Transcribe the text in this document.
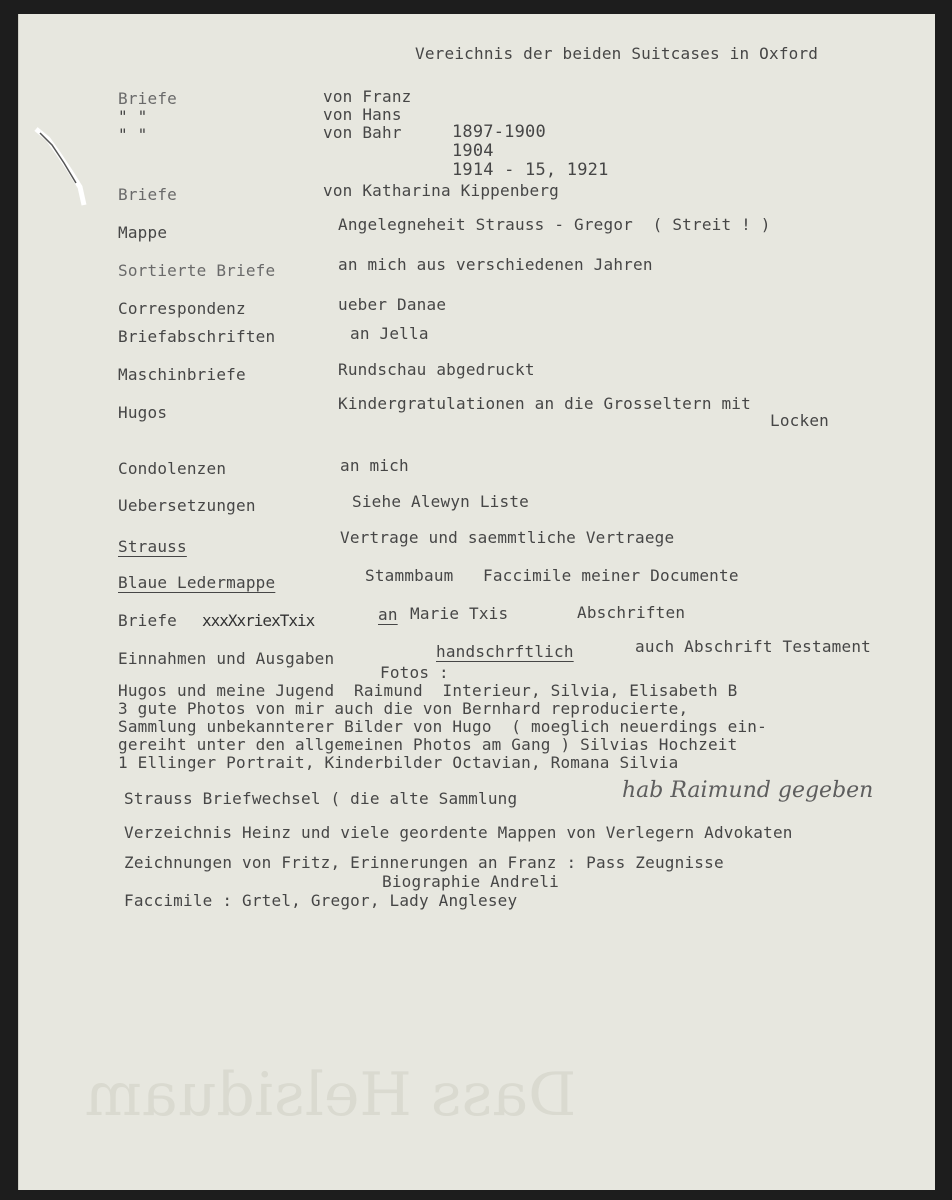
Dass Helsiduam
Vereichnis der beiden Suitcases in Oxford
Briefe	von Franz
" "	von Hans
" "	von Bahr	1897-1900
1904
1914 - 15, 1921
Briefe	von Katharina Kippenberg
Mappe	Angelegneheit Strauss - Gregor  ( Streit ! )
Sortierte Briefe	an mich aus verschiedenen Jahren
Correspondenz	ueber Danae
Briefabschriften	an Jella
Maschinbriefe	Rundschau abgedruckt
Hugos	Kindergratulationen an die Grosseltern mit
Locken
Condolenzen	an mich
Uebersetzungen	Siehe Alewyn Liste
Strauss	Vertrage und saemmtliche Vertraege
Blaue Ledermappe	Stammbaum   Faccimile meiner Documente
Briefe xxxXxriexTxix	an Marie Txis	Abschriften
Einnahmen und Ausgaben	handschrftlich	auch Abschrift Testament
Fotos :
Hugos und meine Jugend  Raimund  Interieur, Silvia, Elisabeth B
3 gute Photos von mir auch die von Bernhard reproducierte,
Sammlung unbekannterer Bilder von Hugo  ( moeglich neuerdings ein-
gereiht unter den allgemeinen Photos am Gang ) Silvias Hochzeit
1 Ellinger Portrait, Kinderbilder Octavian, Romana Silvia
Strauss Briefwechsel ( die alte Sammlung	hab Raimund gegeben
Verzeichnis Heinz und viele geordente Mappen von Verlegern Advokaten
Zeichnungen von Fritz, Erinnerungen an Franz : Pass Zeugnisse
Biographie Andreli
Faccimile : Grtel, Gregor, Lady Anglesey
